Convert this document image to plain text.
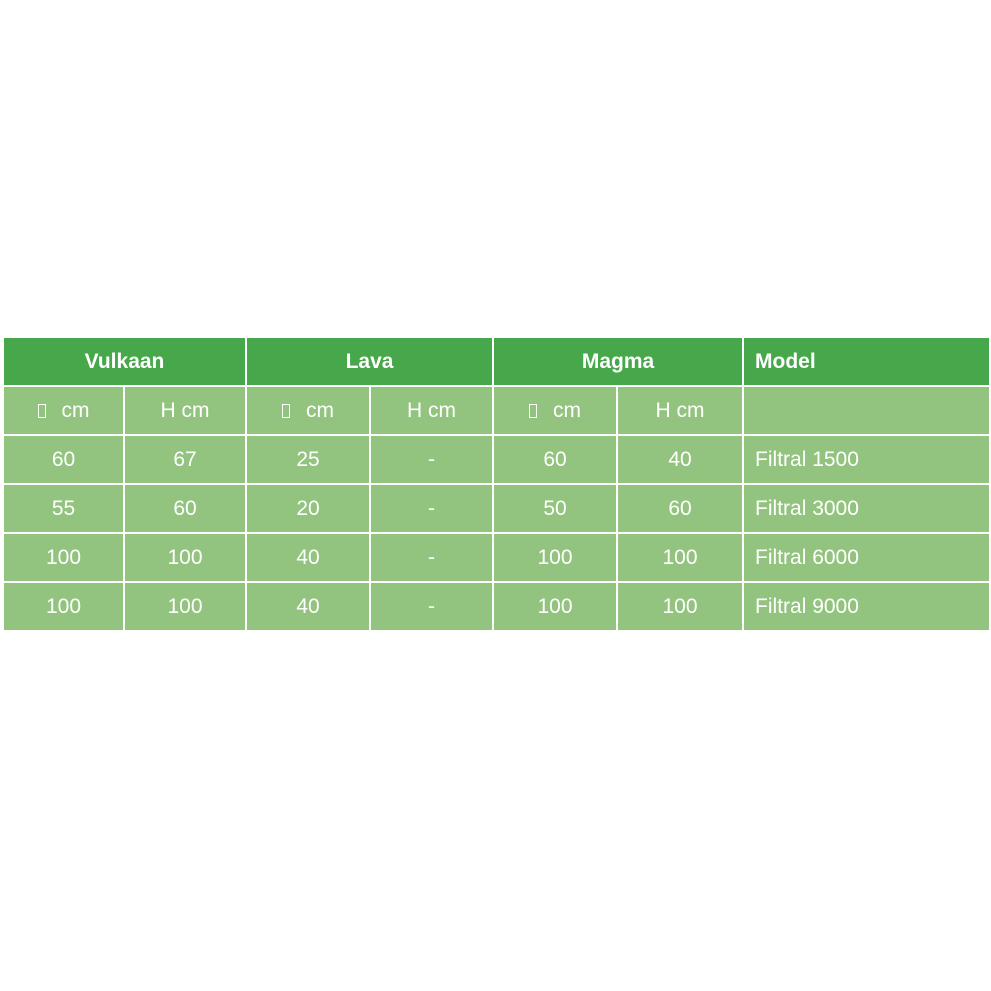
Vulkaan		Lava		Magma		Model
cm	H cm	cm	H cm	cm	H cm	
60	67	25	-	60	40	Filtral 1500
55	60	20	-	50	60	Filtral 3000
100	100	40	-	100	100	Filtral 6000
100	100	40	-	100	100	Filtral 9000
